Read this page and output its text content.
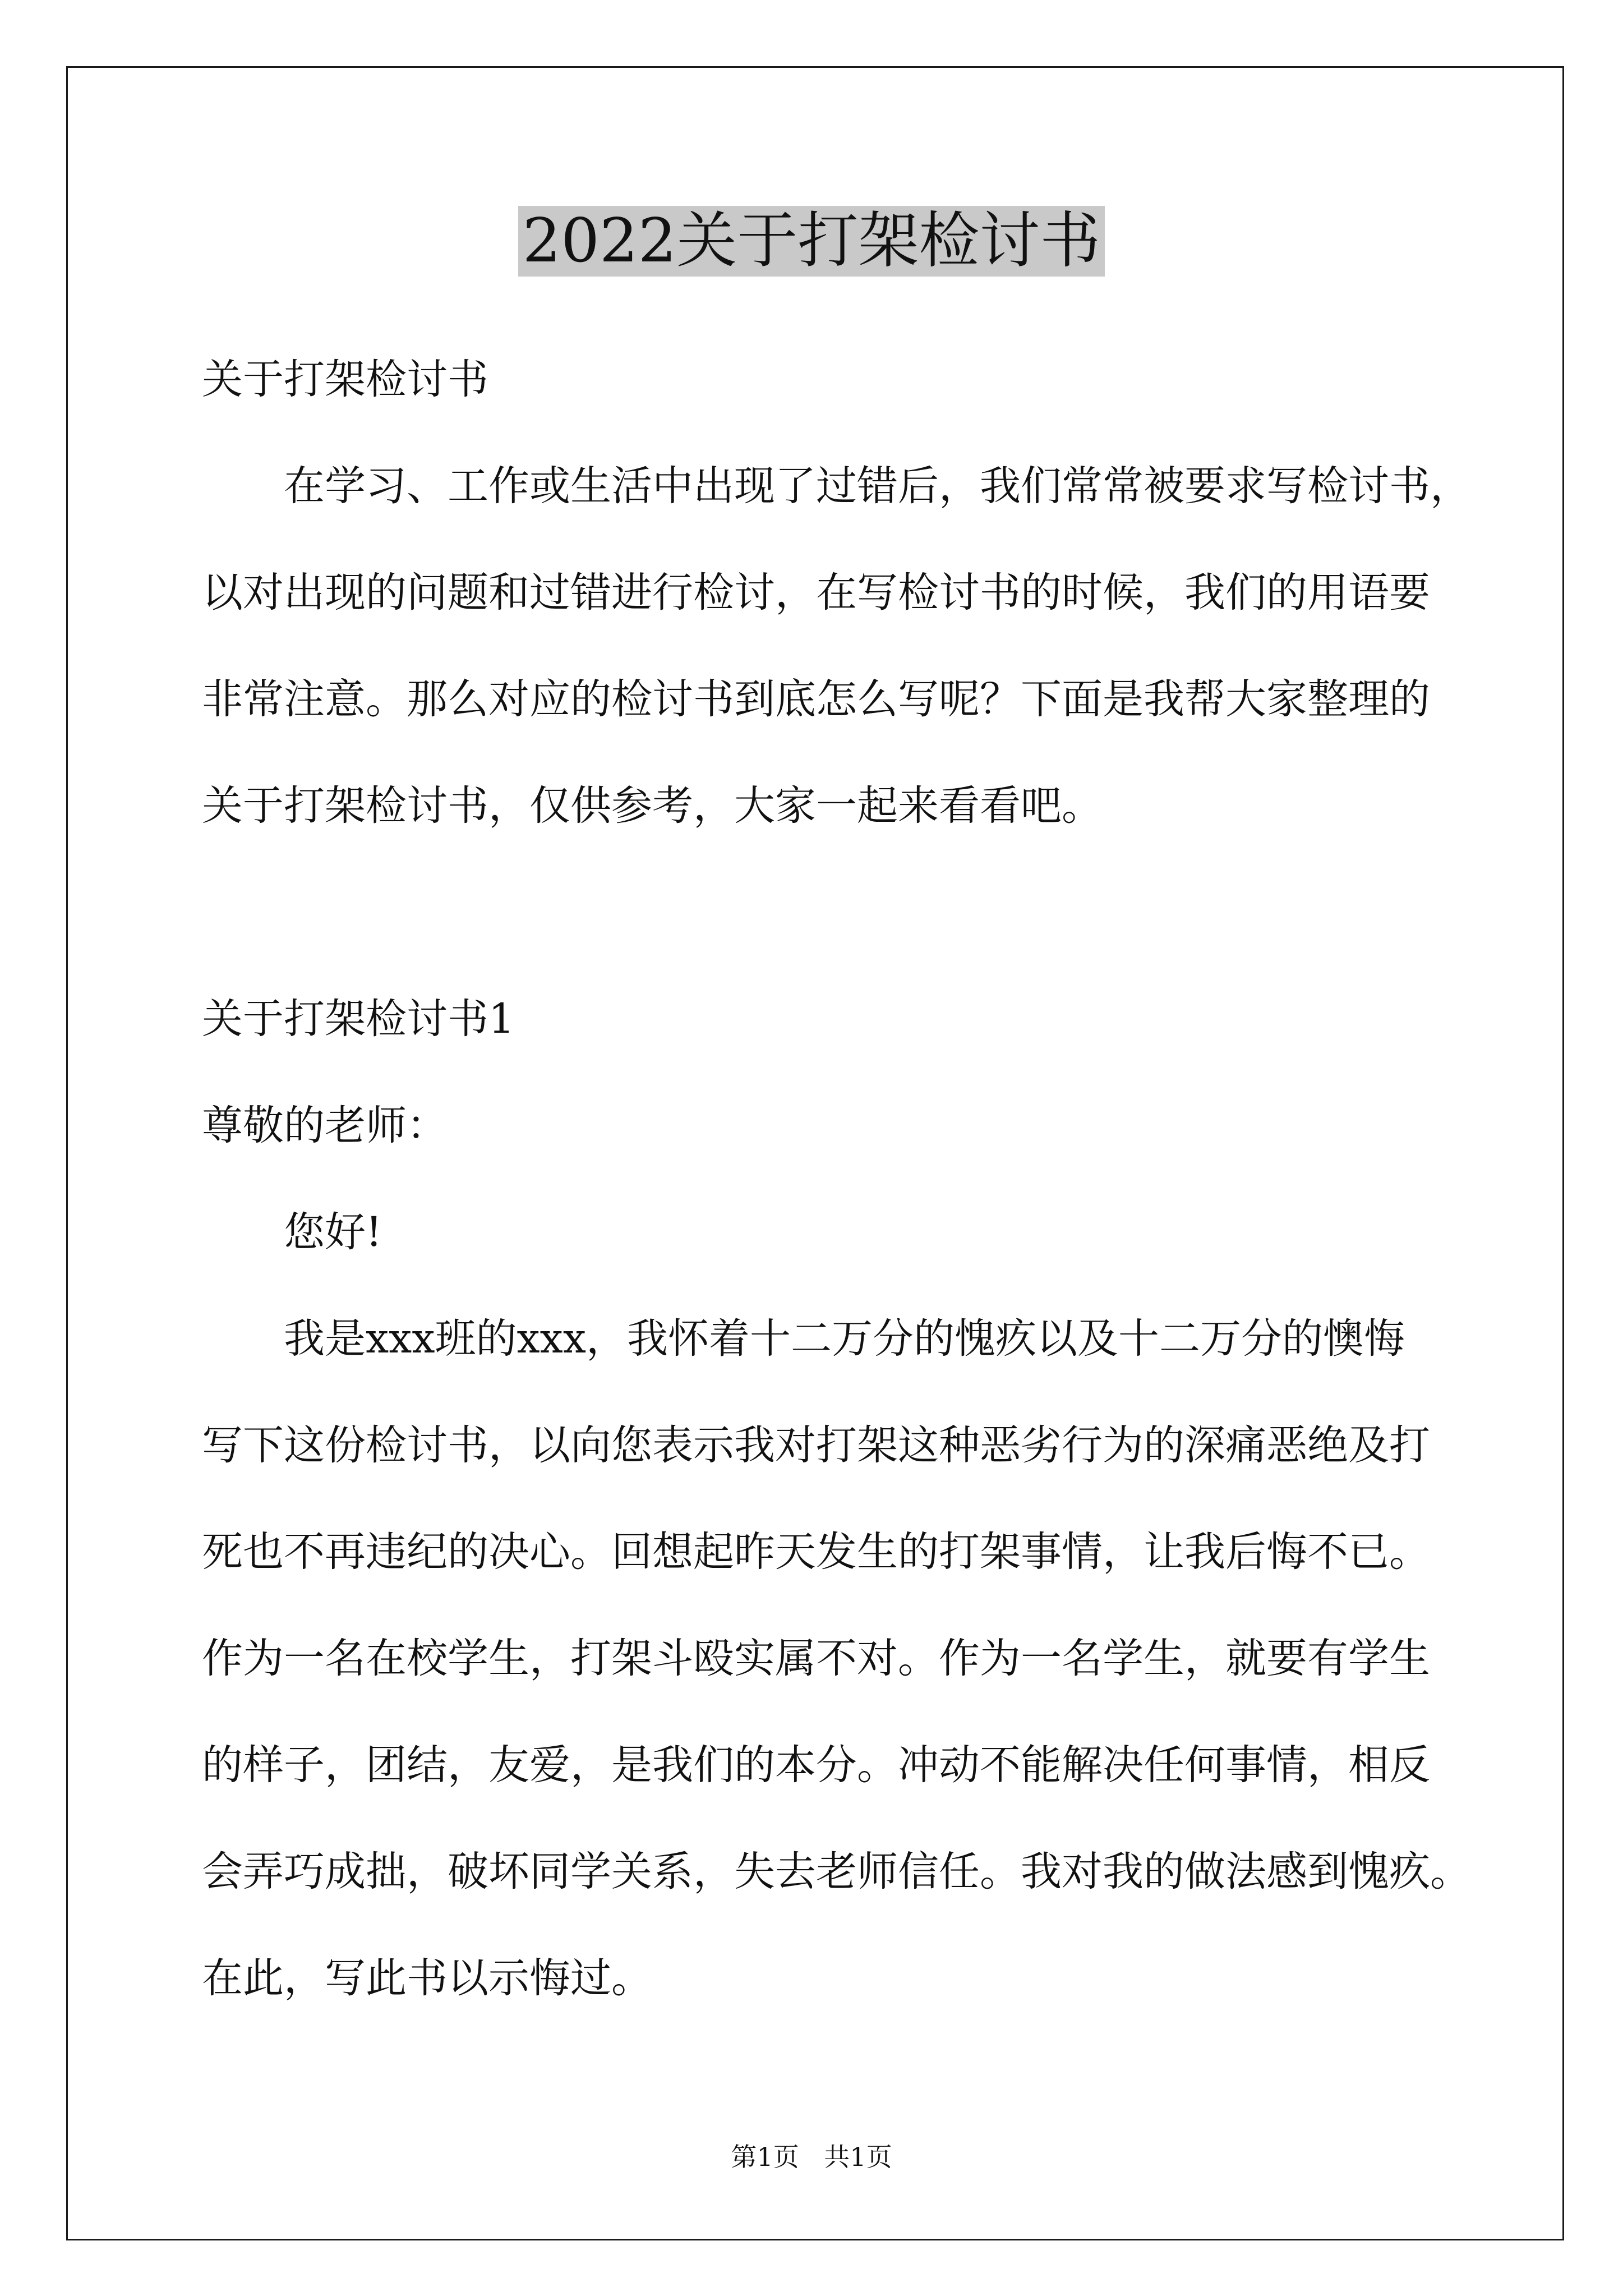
2022关于打架检讨书
关于打架检讨书
在学习、工作或生活中出现了过错后，我们常常被要求写检讨书，
以对出现的问题和过错进行检讨，在写检讨书的时候，我们的用语要
非常注意。那么对应的检讨书到底怎么写呢？下面是我帮大家整理的
关于打架检讨书，仅供参考，大家一起来看看吧。
关于打架检讨书1
尊敬的老师：
您好!
我是xxx班的xxx，我怀着十二万分的愧疚以及十二万分的懊悔
写下这份检讨书，以向您表示我对打架这种恶劣行为的深痛恶绝及打
死也不再违纪的决心。回想起昨天发生的打架事情，让我后悔不已。
作为一名在校学生，打架斗殴实属不对。作为一名学生，就要有学生
的样子，团结，友爱，是我们的本分。冲动不能解决任何事情，相反
会弄巧成拙，破坏同学关系，失去老师信任。我对我的做法感到愧疚。
在此，写此书以示悔过。
第1页 共1页
